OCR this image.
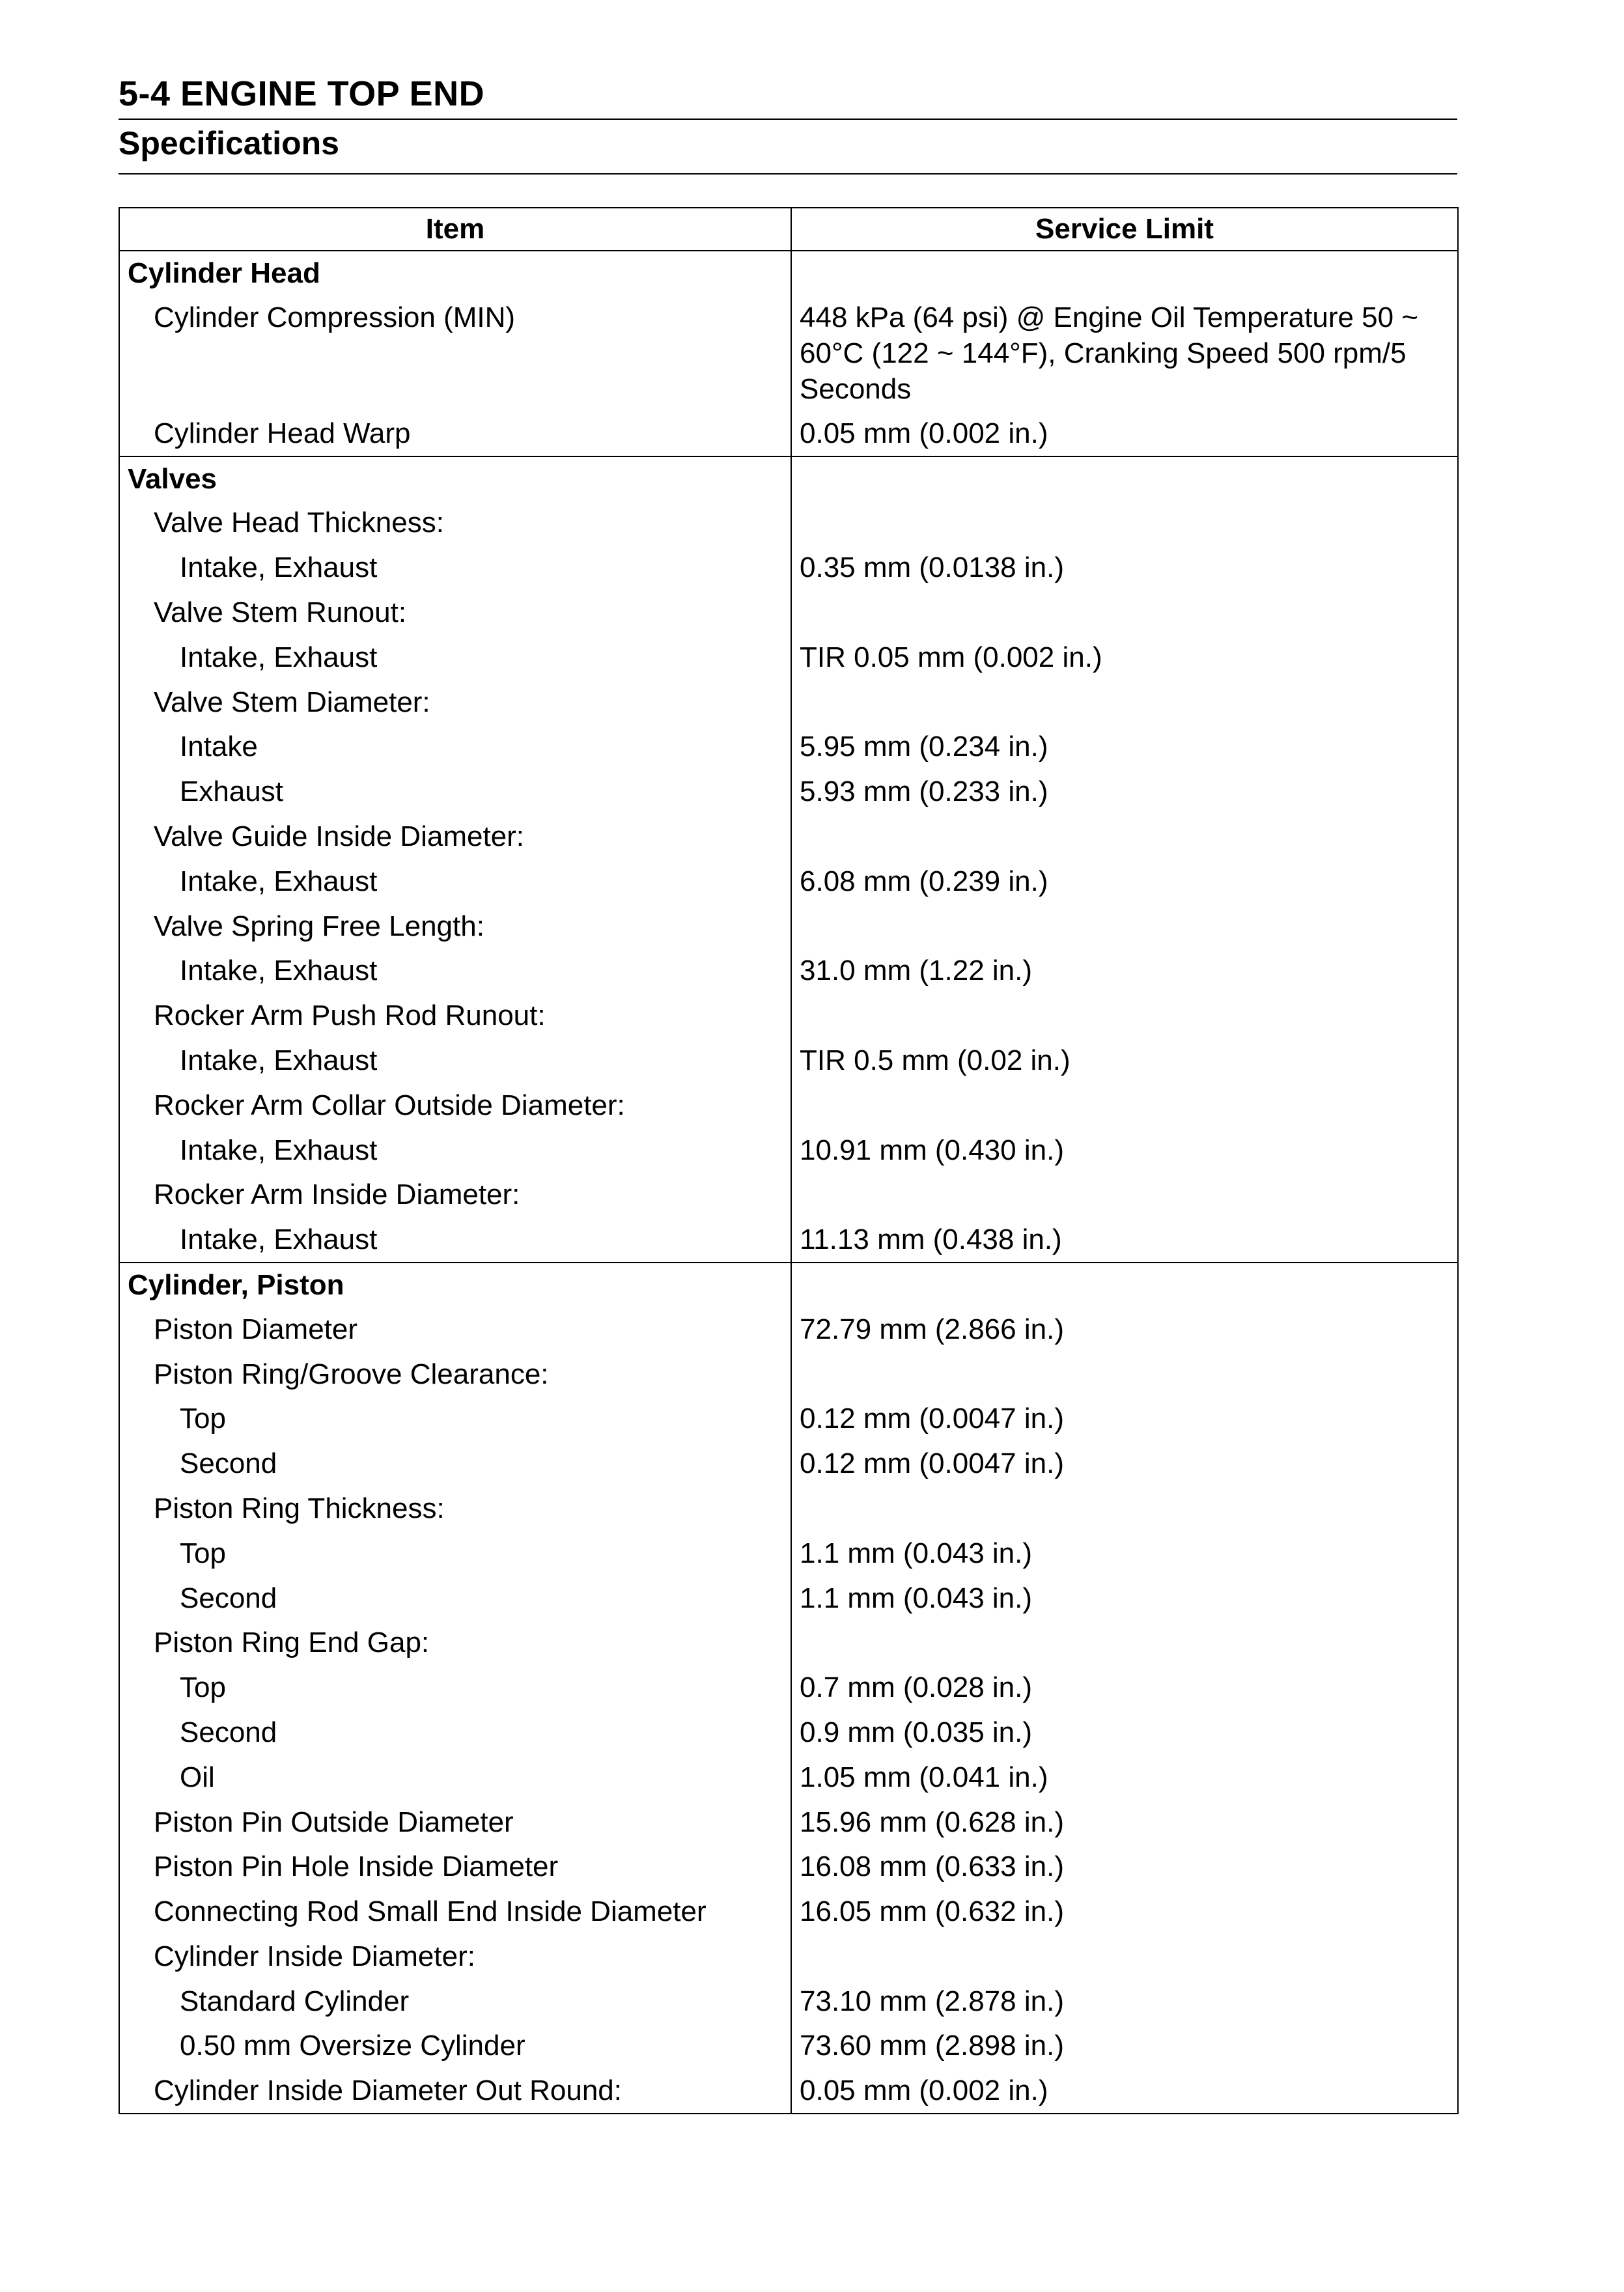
5-4 ENGINE TOP END
Specifications
Item	Service Limit
Cylinder Head	
Cylinder Compression (MIN)	448 kPa (64 psi) @ Engine Oil Temperature 50 ~ 60°C (122 ~ 144°F), Cranking Speed 500 rpm/5 Seconds
Cylinder Head Warp	0.05 mm (0.002 in.)
Valves	
Valve Head Thickness:	
Intake, Exhaust	0.35 mm (0.0138 in.)
Valve Stem Runout:	
Intake, Exhaust	TIR 0.05 mm (0.002 in.)
Valve Stem Diameter:	
Intake	5.95 mm (0.234 in.)
Exhaust	5.93 mm (0.233 in.)
Valve Guide Inside Diameter:	
Intake, Exhaust	6.08 mm (0.239 in.)
Valve Spring Free Length:	
Intake, Exhaust	31.0 mm (1.22 in.)
Rocker Arm Push Rod Runout:	
Intake, Exhaust	TIR 0.5 mm (0.02 in.)
Rocker Arm Collar Outside Diameter:	
Intake, Exhaust	10.91 mm (0.430 in.)
Rocker Arm Inside Diameter:	
Intake, Exhaust	11.13 mm (0.438 in.)
Cylinder, Piston	
Piston Diameter	72.79 mm (2.866 in.)
Piston Ring/Groove Clearance:	
Top	0.12 mm (0.0047 in.)
Second	0.12 mm (0.0047 in.)
Piston Ring Thickness:	
Top	1.1 mm (0.043 in.)
Second	1.1 mm (0.043 in.)
Piston Ring End Gap:	
Top	0.7 mm (0.028 in.)
Second	0.9 mm (0.035 in.)
Oil	1.05 mm (0.041 in.)
Piston Pin Outside Diameter	15.96 mm (0.628 in.)
Piston Pin Hole Inside Diameter	16.08 mm (0.633 in.)
Connecting Rod Small End Inside Diameter	16.05 mm (0.632 in.)
Cylinder Inside Diameter:	
Standard Cylinder	73.10 mm (2.878 in.)
0.50 mm Oversize Cylinder	73.60 mm (2.898 in.)
Cylinder Inside Diameter Out Round:	0.05 mm (0.002 in.)
